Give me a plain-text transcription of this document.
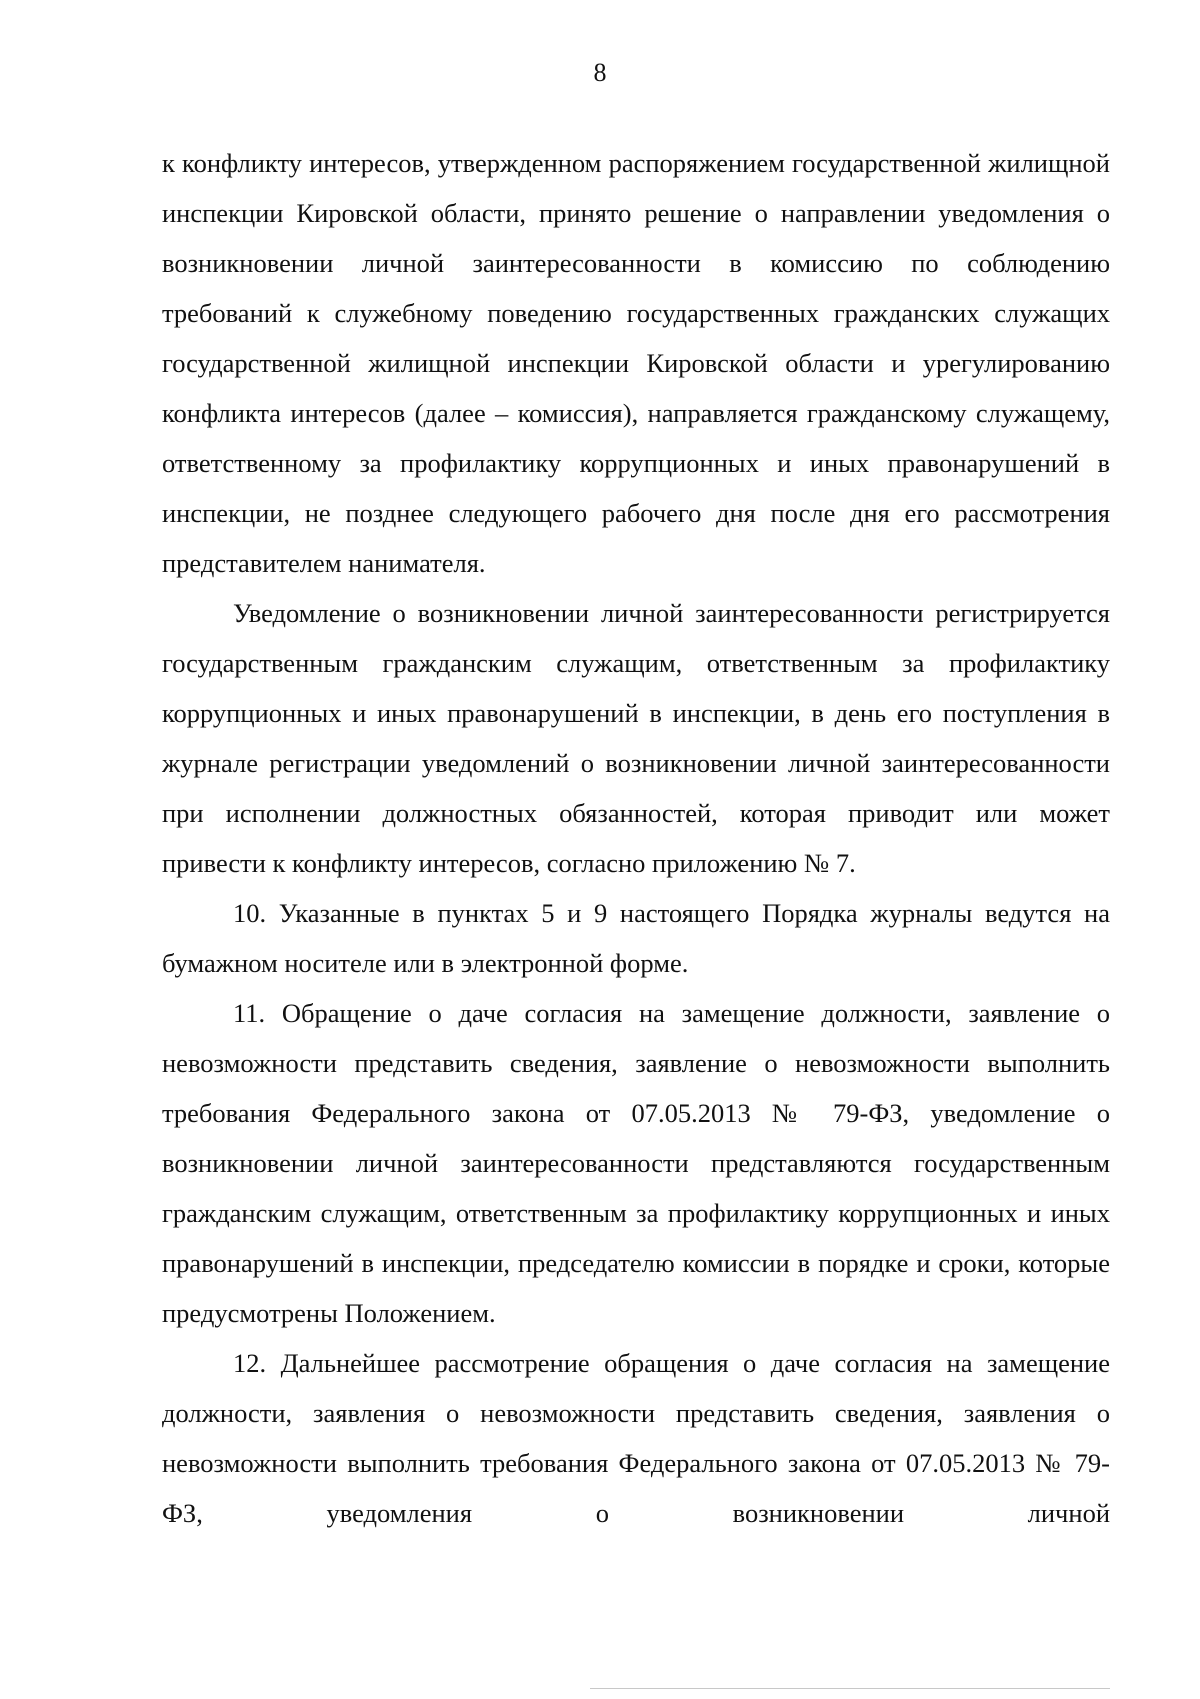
8

к конфликту интересов, утвержденном распоряжением государственной жилищной инспекции Кировской области, принято решение о направлении уведомления о возникновении личной заинтересованности в комиссию по соблюдению требований к служебному поведению государственных гражданских служащих государственной жилищной инспекции Кировской области и урегулированию конфликта интересов (далее – комиссия), направляется гражданскому служащему, ответственному за профилактику коррупционных и иных правонарушений в инспекции, не позднее следующего рабочего дня после дня его рассмотрения представителем нанимателя.

Уведомление о возникновении личной заинтересованности регистрируется государственным гражданским служащим, ответственным за профилактику коррупционных и иных правонарушений в инспекции, в день его поступления в журнале регистрации уведомлений о возникновении личной заинтересованности при исполнении должностных обязанностей, которая приводит или может привести к конфликту интересов, согласно приложению № 7.

10. Указанные в пунктах 5 и 9 настоящего Порядка журналы ведутся на бумажном носителе или в электронной форме.

11. Обращение о даче согласия на замещение должности, заявление о невозможности представить сведения, заявление о невозможности выполнить требования Федерального закона от 07.05.2013 № 79-ФЗ, уведомление о возникновении личной заинтересованности представляются государственным гражданским служащим, ответственным за профилактику коррупционных и иных правонарушений в инспекции, председателю комиссии в порядке и сроки, которые предусмотрены Положением.

12. Дальнейшее рассмотрение обращения о даче согласия на замещение должности, заявления о невозможности представить сведения, заявления о невозможности выполнить требования Федерального закона от 07.05.2013 № 79-ФЗ, уведомления о возникновении личной
